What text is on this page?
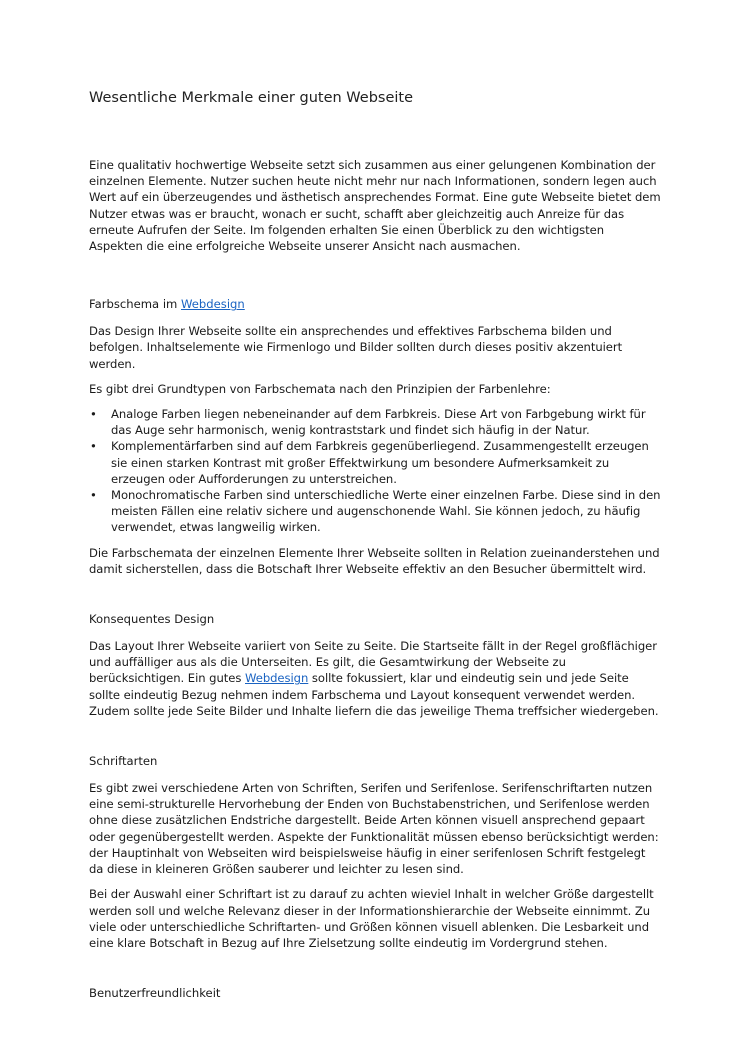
Wesentliche Merkmale einer guten Webseite

Eine qualitativ hochwertige Webseite setzt sich zusammen aus einer gelungenen Kombination der einzelnen Elemente. Nutzer suchen heute nicht mehr nur nach Informationen, sondern legen auch Wert auf ein überzeugendes und ästhetisch ansprechendes Format. Eine gute Webseite bietet dem Nutzer etwas was er braucht, wonach er sucht, schafft aber gleichzeitig auch Anreize für das erneute Aufrufen der Seite. Im folgenden erhalten Sie einen Überblick zu den wichtigsten Aspekten die eine erfolgreiche Webseite unserer Ansicht nach ausmachen.

Farbschema im Webdesign

Das Design Ihrer Webseite sollte ein ansprechendes und effektives Farbschema bilden und befolgen. Inhaltselemente wie Firmenlogo und Bilder sollten durch dieses positiv akzentuiert werden.

Es gibt drei Grundtypen von Farbschemata nach den Prinzipien der Farbenlehre:

• Analoge Farben liegen nebeneinander auf dem Farbkreis. Diese Art von Farbgebung wirkt für das Auge sehr harmonisch, wenig kontraststark und findet sich häufig in der Natur.
• Komplementärfarben sind auf dem Farbkreis gegenüberliegend. Zusammengestellt erzeugen sie einen starken Kontrast mit großer Effektwirkung um besondere Aufmerksamkeit zu erzeugen oder Aufforderungen zu unterstreichen.
• Monochromatische Farben sind unterschiedliche Werte einer einzelnen Farbe. Diese sind in den meisten Fällen eine relativ sichere und augenschonende Wahl. Sie können jedoch, zu häufig verwendet, etwas langweilig wirken.

Die Farbschemata der einzelnen Elemente Ihrer Webseite sollten in Relation zueinanderstehen und damit sicherstellen, dass die Botschaft Ihrer Webseite effektiv an den Besucher übermittelt wird.

Konsequentes Design

Das Layout Ihrer Webseite variiert von Seite zu Seite. Die Startseite fällt in der Regel großflächiger und auffälliger aus als die Unterseiten. Es gilt, die Gesamtwirkung der Webseite zu berücksichtigen. Ein gutes Webdesign sollte fokussiert, klar und eindeutig sein und jede Seite sollte eindeutig Bezug nehmen indem Farbschema und Layout konsequent verwendet werden. Zudem sollte jede Seite Bilder und Inhalte liefern die das jeweilige Thema treffsicher wiedergeben.

Schriftarten

Es gibt zwei verschiedene Arten von Schriften, Serifen und Serifenlose. Serifenschriftarten nutzen eine semi-strukturelle Hervorhebung der Enden von Buchstabenstrichen, und Serifenlose werden ohne diese zusätzlichen Endstriche dargestellt. Beide Arten können visuell ansprechend gepaart oder gegenübergestellt werden. Aspekte der Funktionalität müssen ebenso berücksichtigt werden: der Hauptinhalt von Webseiten wird beispielsweise häufig in einer serifenlosen Schrift festgelegt da diese in kleineren Größen sauberer und leichter zu lesen sind.

Bei der Auswahl einer Schriftart ist zu darauf zu achten wieviel Inhalt in welcher Größe dargestellt werden soll und welche Relevanz dieser in der Informationshierarchie der Webseite einnimmt. Zu viele oder unterschiedliche Schriftarten- und Größen können visuell ablenken. Die Lesbarkeit und eine klare Botschaft in Bezug auf Ihre Zielsetzung sollte eindeutig im Vordergrund stehen.

Benutzerfreundlichkeit
